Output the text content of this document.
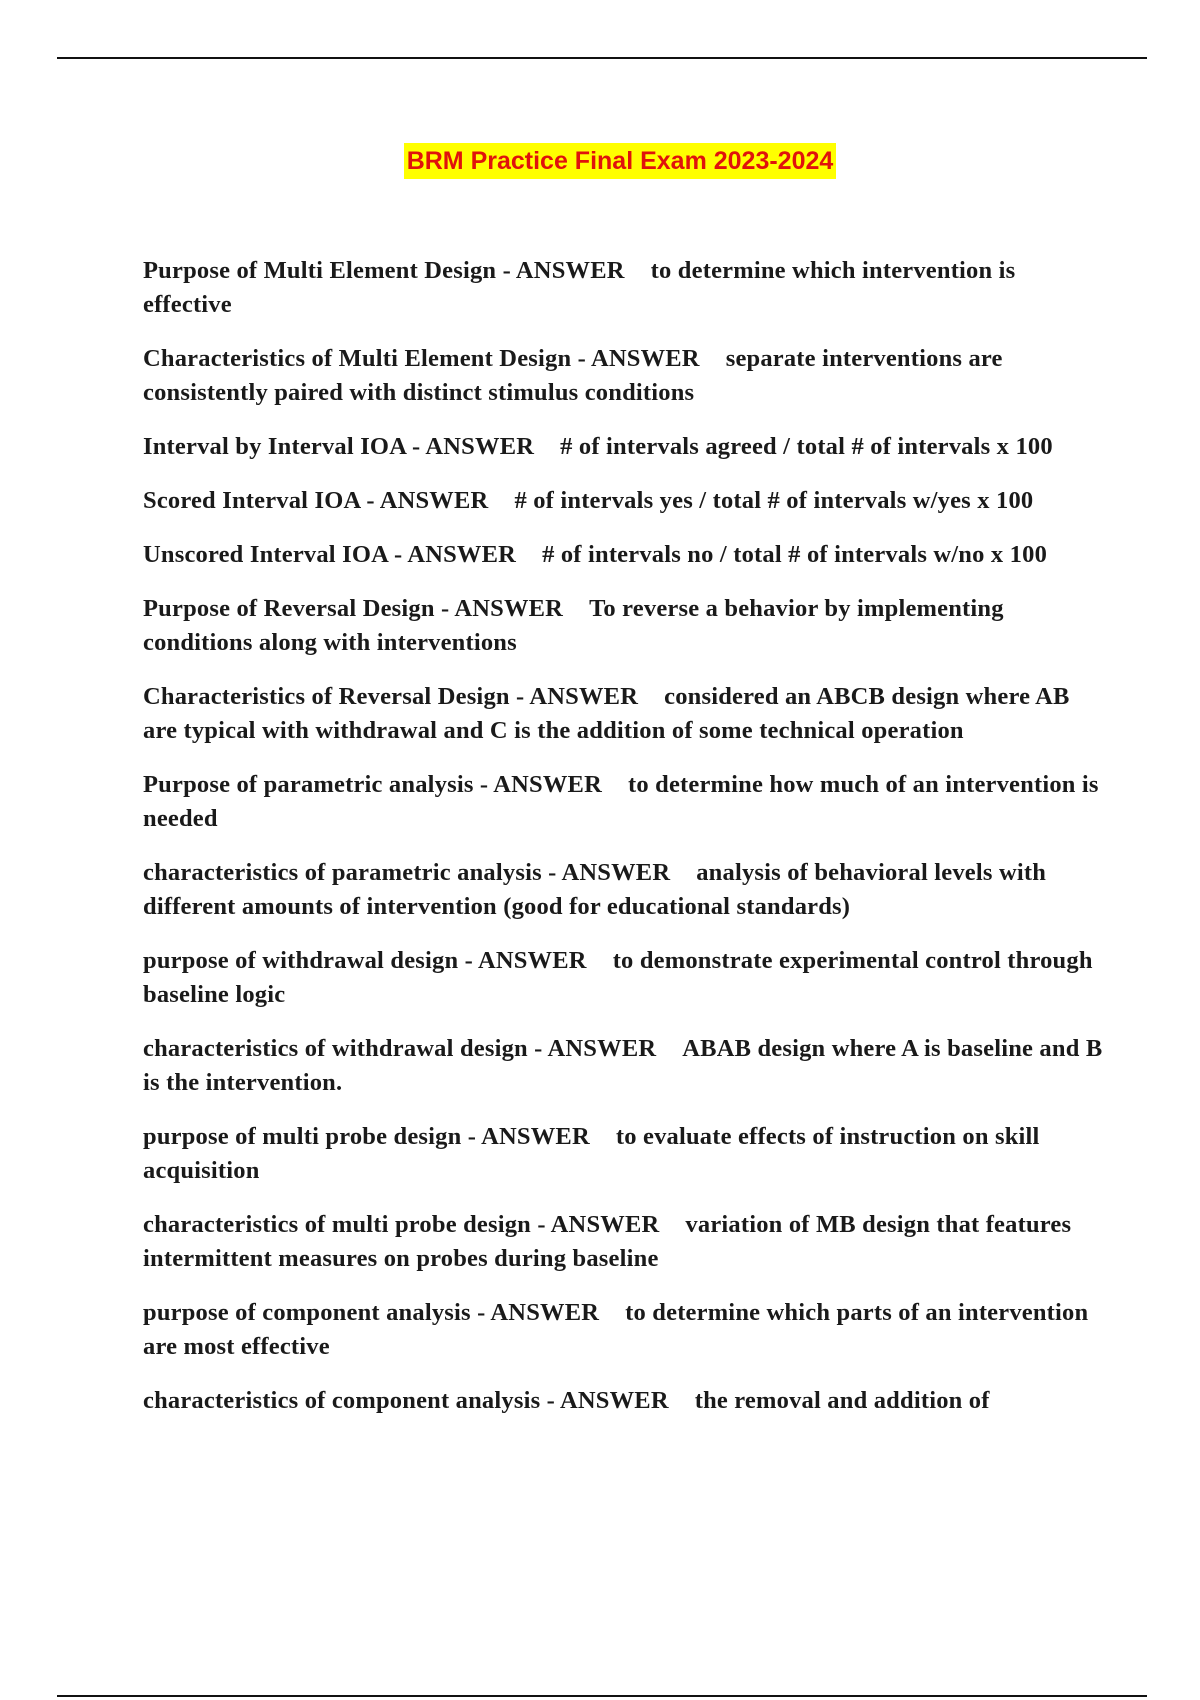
BRM Practice Final Exam 2023-2024

Purpose of Multi Element Design - ANSWER to determine which intervention is effective

Characteristics of Multi Element Design - ANSWER separate interventions are consistently paired with distinct stimulus conditions

Interval by Interval IOA - ANSWER # of intervals agreed / total # of intervals x 100

Scored Interval IOA - ANSWER # of intervals yes / total # of intervals w/yes x 100

Unscored Interval IOA - ANSWER # of intervals no / total # of intervals w/no x 100

Purpose of Reversal Design - ANSWER To reverse a behavior by implementing conditions along with interventions

Characteristics of Reversal Design - ANSWER considered an ABCB design where AB are typical with withdrawal and C is the addition of some technical operation

Purpose of parametric analysis - ANSWER to determine how much of an intervention is needed

characteristics of parametric analysis - ANSWER analysis of behavioral levels with different amounts of intervention (good for educational standards)

purpose of withdrawal design - ANSWER to demonstrate experimental control through baseline logic

characteristics of withdrawal design - ANSWER ABAB design where A is baseline and B is the intervention.

purpose of multi probe design - ANSWER to evaluate effects of instruction on skill acquisition

characteristics of multi probe design - ANSWER variation of MB design that features intermittent measures on probes during baseline

purpose of component analysis - ANSWER to determine which parts of an intervention are most effective

characteristics of component analysis - ANSWER the removal and addition of
